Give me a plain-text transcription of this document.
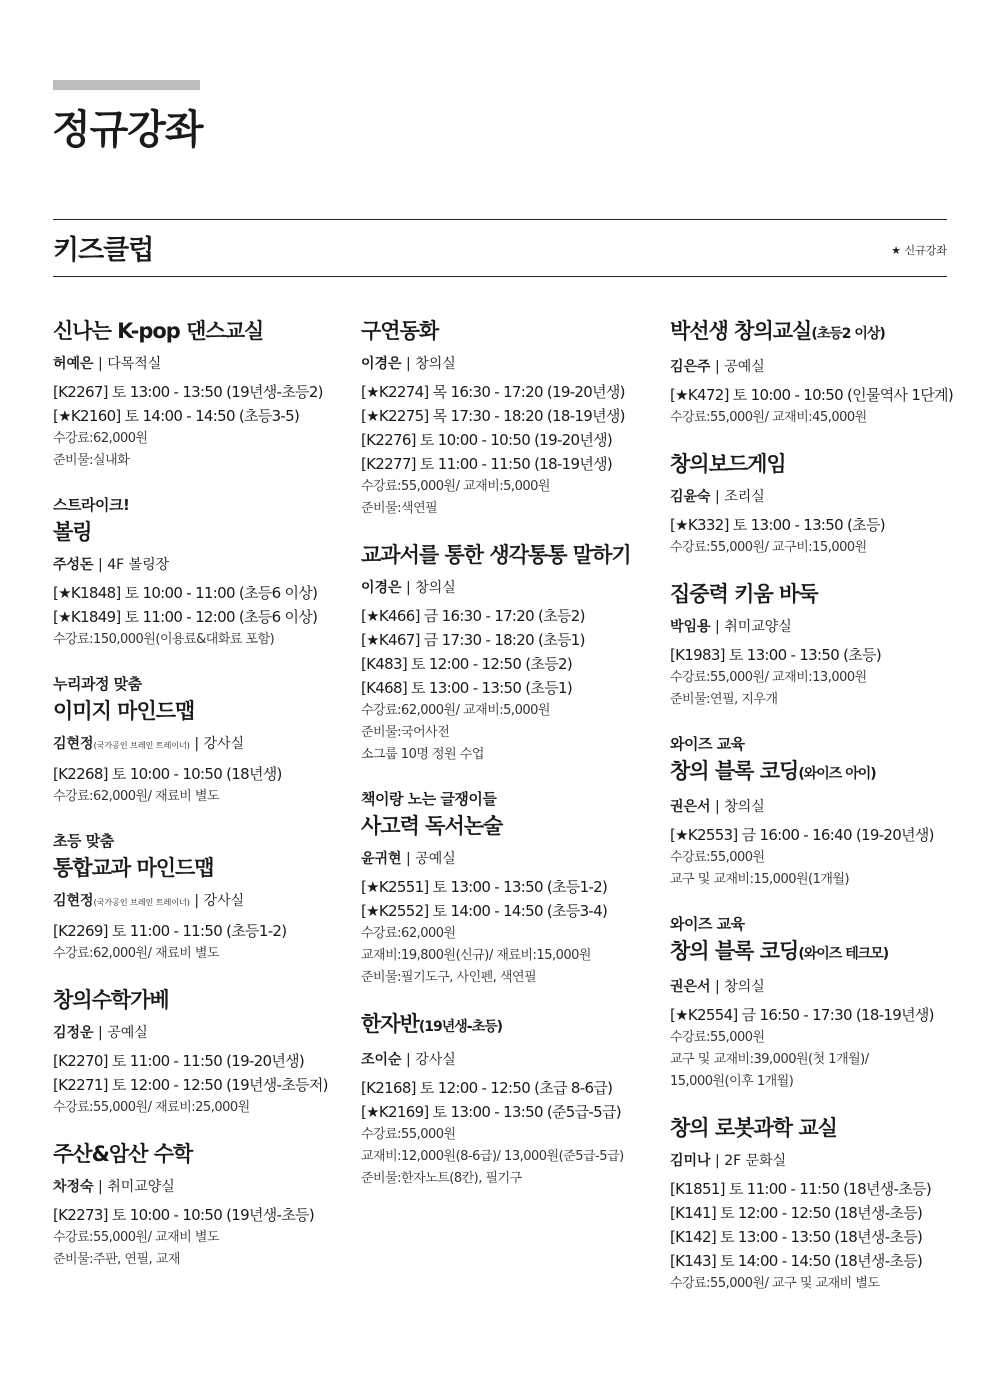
정규강좌
키즈클럽	★ 신규강좌
신나는 K-pop 댄스교실
허예은 | 다목적실
[K2267] 토 13:00 - 13:50 (19년생-초등2)
[★K2160] 토 14:00 - 14:50 (초등3-5)
수강료:62,000원
준비물:실내화
스트라이크!
볼링
주성돈 | 4F 볼링장
[★K1848] 토 10:00 - 11:00 (초등6 이상)
[★K1849] 토 11:00 - 12:00 (초등6 이상)
수강료:150,000원(이용료&대화료 포함)
누리과정 맞춤
이미지 마인드맵
김현정(국가공인 브레인 트레이너) | 강사실
[K2268] 토 10:00 - 10:50 (18년생)
수강료:62,000원/ 재료비 별도
초등 맞춤
통합교과 마인드맵
김현정(국가공인 브레인 트레이너) | 강사실
[K2269] 토 11:00 - 11:50 (초등1-2)
수강료:62,000원/ 재료비 별도
창의수학가베
김정운 | 공예실
[K2270] 토 11:00 - 11:50 (19-20년생)
[K2271] 토 12:00 - 12:50 (19년생-초등저)
수강료:55,000원/ 재료비:25,000원
주산&암산 수학
차정숙 | 취미교양실
[K2273] 토 10:00 - 10:50 (19년생-초등)
수강료:55,000원/ 교재비 별도
준비물:주판, 연필, 교재
구연동화
이경은 | 창의실
[★K2274] 목 16:30 - 17:20 (19-20년생)
[★K2275] 목 17:30 - 18:20 (18-19년생)
[K2276] 토 10:00 - 10:50 (19-20년생)
[K2277] 토 11:00 - 11:50 (18-19년생)
수강료:55,000원/ 교재비:5,000원
준비물:색연필
교과서를 통한 생각통통 말하기
이경은 | 창의실
[★K466] 금 16:30 - 17:20 (초등2)
[★K467] 금 17:30 - 18:20 (초등1)
[K483] 토 12:00 - 12:50 (초등2)
[K468] 토 13:00 - 13:50 (초등1)
수강료:62,000원/ 교재비:5,000원
준비물:국어사전
소그룹 10명 정원 수업
책이랑 노는 글쟁이들
사고력 독서논술
윤귀현 | 공예실
[★K2551] 토 13:00 - 13:50 (초등1-2)
[★K2552] 토 14:00 - 14:50 (초등3-4)
수강료:62,000원
교재비:19,800원(신규)/ 재료비:15,000원
준비물:필기도구, 사인펜, 색연필
한자반(19년생-초등)
조이순 | 강사실
[K2168] 토 12:00 - 12:50 (초급 8-6급)
[★K2169] 토 13:00 - 13:50 (준5급-5급)
수강료:55,000원
교재비:12,000원(8-6급)/ 13,000원(준5급-5급)
준비물:한자노트(8칸), 필기구
박선생 창의교실(초등2 이상)
김은주 | 공예실
[★K472] 토 10:00 - 10:50 (인물역사 1단계)
수강료:55,000원/ 교재비:45,000원
창의보드게임
김윤숙 | 조리실
[★K332] 토 13:00 - 13:50 (초등)
수강료:55,000원/ 교구비:15,000원
집중력 키움 바둑
박임용 | 취미교양실
[K1983] 토 13:00 - 13:50 (초등)
수강료:55,000원/ 교재비:13,000원
준비물:연필, 지우개
와이즈 교육
창의 블록 코딩(와이즈 아이)
권은서 | 창의실
[★K2553] 금 16:00 - 16:40 (19-20년생)
수강료:55,000원
교구 및 교재비:15,000원(1개월)
와이즈 교육
창의 블록 코딩(와이즈 테크모)
권은서 | 창의실
[★K2554] 금 16:50 - 17:30 (18-19년생)
수강료:55,000원
교구 및 교재비:39,000원(첫 1개월)/
15,000원(이후 1개월)
창의 로봇과학 교실
김미나 | 2F 문화실
[K1851] 토 11:00 - 11:50 (18년생-초등)
[K141] 토 12:00 - 12:50 (18년생-초등)
[K142] 토 13:00 - 13:50 (18년생-초등)
[K143] 토 14:00 - 14:50 (18년생-초등)
수강료:55,000원/ 교구 및 교재비 별도
